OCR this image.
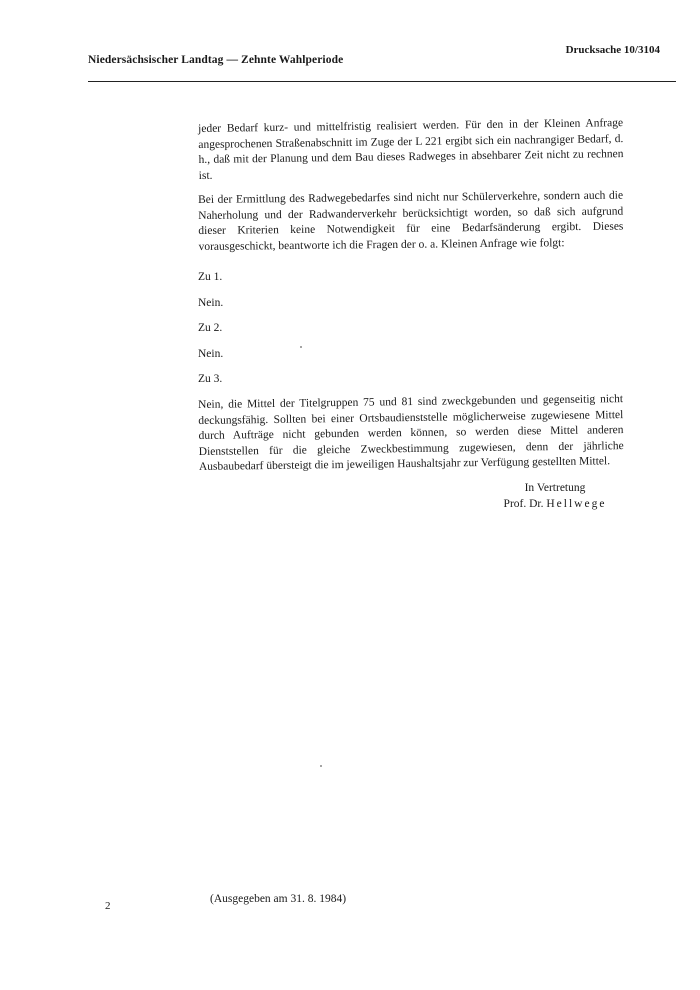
Niedersächsischer Landtag — Zehnte Wahlperiode
Drucksache 10/3104

jeder Bedarf kurz- und mittelfristig realisiert werden. Für den in der Kleinen Anfrage angesprochenen Straßenabschnitt im Zuge der L 221 ergibt sich ein nachrangiger Bedarf, d. h., daß mit der Planung und dem Bau dieses Radweges in absehbarer Zeit nicht zu rechnen ist.

Bei der Ermittlung des Radwegebedarfes sind nicht nur Schülerverkehre, sondern auch die Naherholung und der Radwanderverkehr berücksichtigt worden, so daß sich aufgrund dieser Kriterien keine Notwendigkeit für eine Bedarfsänderung ergibt. Dieses vorausgeschickt, beantworte ich die Fragen der o. a. Kleinen Anfrage wie folgt:

Zu 1.

Nein.

Zu 2.

Nein.

Zu 3.

Nein, die Mittel der Titelgruppen 75 und 81 sind zweckgebunden und gegenseitig nicht deckungsfähig. Sollten bei einer Ortsbaudienststelle möglicherweise zugewiesene Mittel durch Aufträge nicht gebunden werden können, so werden diese Mittel anderen Dienststellen für die gleiche Zweckbestimmung zugewiesen, denn der jährliche Ausbaubedarf übersteigt die im jeweiligen Haushaltsjahr zur Verfügung gestellten Mittel.

In Vertretung
Prof. Dr. Hellwege
2
(Ausgegeben am 31. 8. 1984)
